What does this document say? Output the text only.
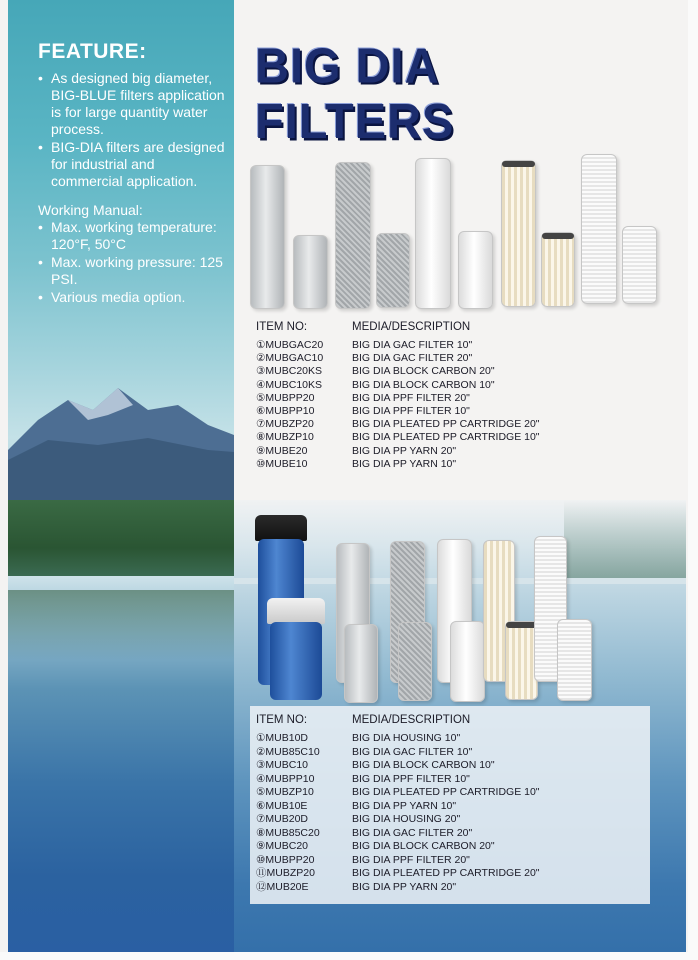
FEATURE:
• As designed big diameter, BIG-BLUE filters application is for large quantity water process.
• BIG-DIA filters are designed for industrial and commercial application.
Working Manual:
• Max. working temperature: 120°F, 50°C
• Max. working pressure: 125 PSI.
• Various media option.
BIG DIA
FILTERS
ITEM NO:	MEDIA/DESCRIPTION
①MUBGAC20	BIG DIA GAC FILTER 10"
②MUBGAC10	BIG DIA GAC FILTER 20"
③MUBC20KS	BIG DIA BLOCK CARBON 20"
④MUBC10KS	BIG DIA BLOCK CARBON 10"
⑤MUBPP20	BIG DIA PPF FILTER 20"
⑥MUBPP10	BIG DIA PPF FILTER 10"
⑦MUBZP20	BIG DIA PLEATED PP CARTRIDGE 20"
⑧MUBZP10	BIG DIA PLEATED PP CARTRIDGE 10"
⑨MUBE20	BIG DIA PP YARN 20"
⑩MUBE10	BIG DIA PP YARN 10"
ITEM NO:	MEDIA/DESCRIPTION
①MUB10D	BIG DIA HOUSING 10"
②MUB85C10	BIG DIA GAC FILTER 10"
③MUBC10	BIG DIA BLOCK CARBON 10"
④MUBPP10	BIG DIA PPF FILTER 10"
⑤MUBZP10	BIG DIA PLEATED PP CARTRIDGE 10"
⑥MUB10E	BIG DIA PP YARN 10"
⑦MUB20D	BIG DIA HOUSING 20"
⑧MUB85C20	BIG DIA GAC FILTER 20"
⑨MUBC20	BIG DIA BLOCK CARBON 20"
⑩MUBPP20	BIG DIA PPF FILTER 20"
⑪MUBZP20	BIG DIA PLEATED PP CARTRIDGE 20"
⑫MUB20E	BIG DIA PP YARN 20"
